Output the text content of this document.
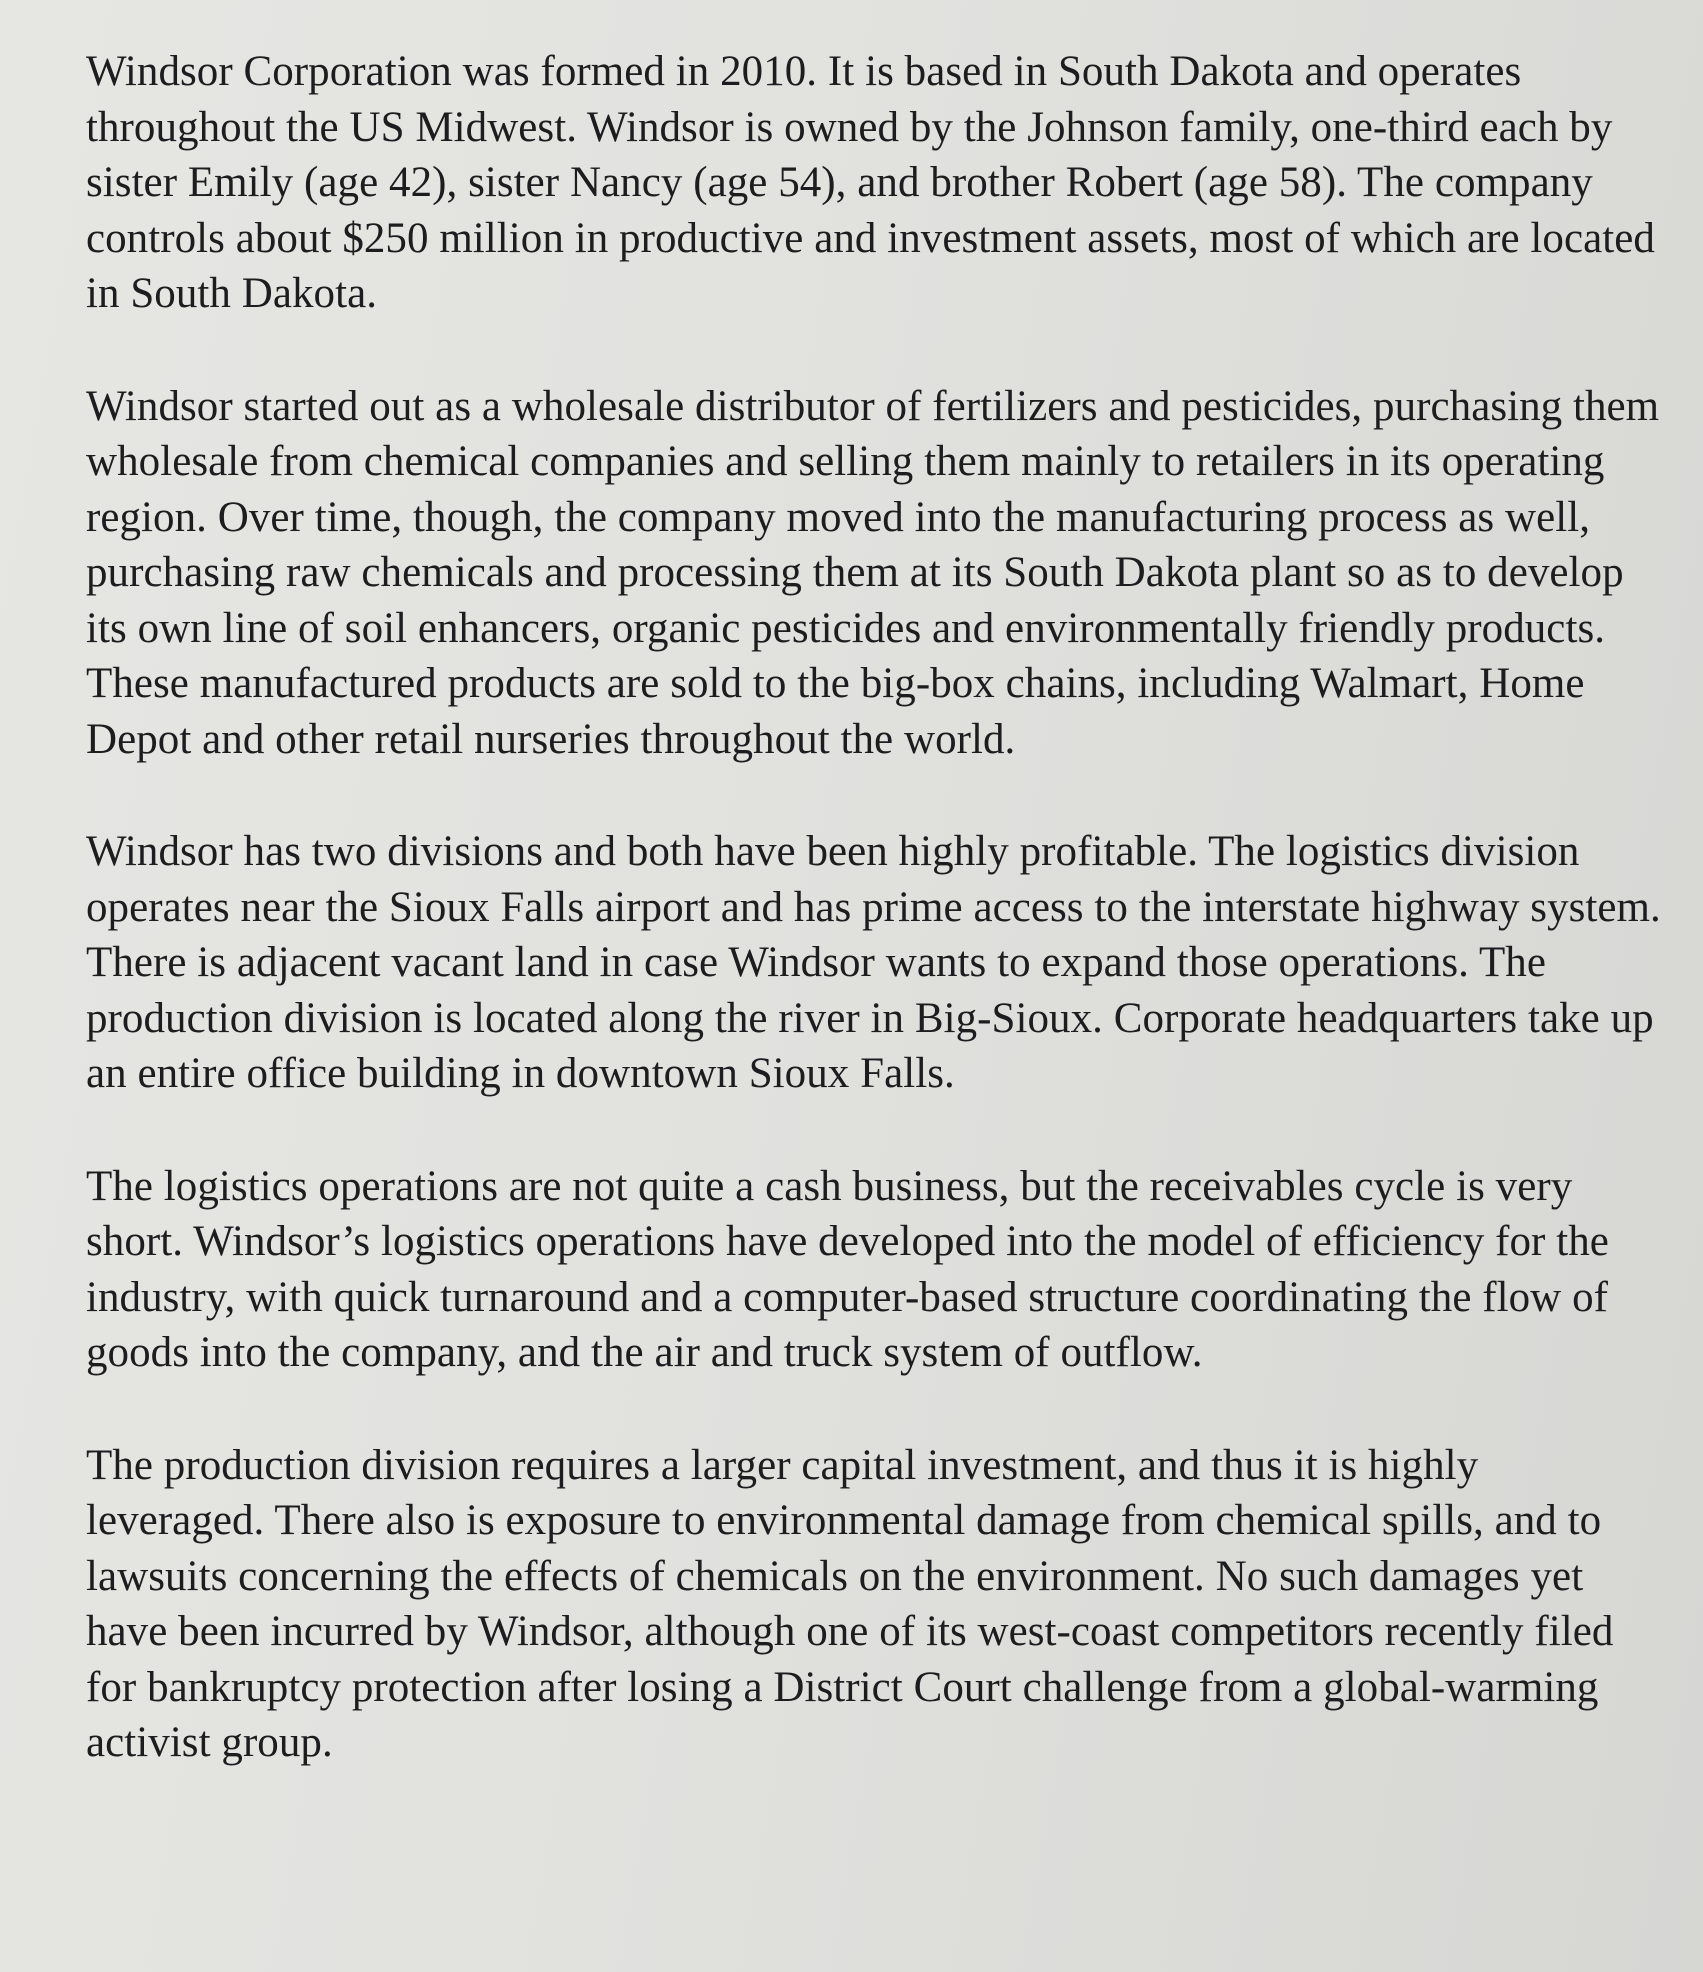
Windsor Corporation was formed in 2010. It is based in South Dakota and operates throughout the US Midwest. Windsor is owned by the Johnson family, one-third each by sister Emily (age 42), sister Nancy (age 54), and brother Robert (age 58). The company controls about $250 million in productive and investment assets, most of which are located in South Dakota.

Windsor started out as a wholesale distributor of fertilizers and pesticides, purchasing them wholesale from chemical companies and selling them mainly to retailers in its operating region. Over time, though, the company moved into the manufacturing process as well, purchasing raw chemicals and processing them at its South Dakota plant so as to develop its own line of soil enhancers, organic pesticides and environmentally friendly products. These manufactured products are sold to the big-box chains, including Walmart, Home Depot and other retail nurseries throughout the world.

Windsor has two divisions and both have been highly profitable. The logistics division operates near the Sioux Falls airport and has prime access to the interstate highway system. There is adjacent vacant land in case Windsor wants to expand those operations. The production division is located along the river in Big-Sioux. Corporate headquarters take up an entire office building in downtown Sioux Falls.

The logistics operations are not quite a cash business, but the receivables cycle is very short. Windsor’s logistics operations have developed into the model of efficiency for the industry, with quick turnaround and a computer-based structure coordinating the flow of goods into the company, and the air and truck system of outflow.

The production division requires a larger capital investment, and thus it is highly leveraged. There also is exposure to environmental damage from chemical spills, and to lawsuits concerning the effects of chemicals on the environment. No such damages yet have been incurred by Windsor, although one of its west-coast competitors recently filed for bankruptcy protection after losing a District Court challenge from a global-warming activist group.
